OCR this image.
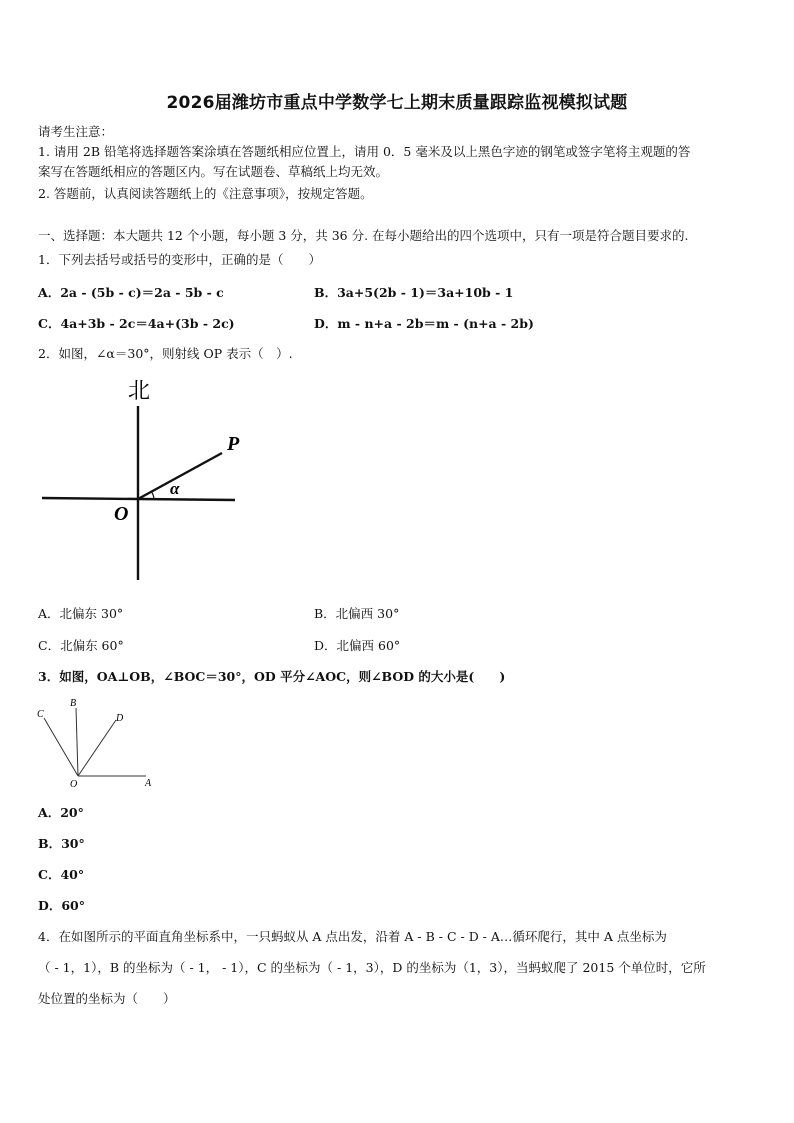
2026届潍坊市重点中学数学七上期末质量跟踪监视模拟试题
请考生注意：
1. 请用 2B 铅笔将选择题答案涂填在答题纸相应位置上，请用 0．5 毫米及以上黑色字迹的钢笔或签字笔将主观题的答
案写在答题纸相应的答题区内。写在试题卷、草稿纸上均无效。
2. 答题前，认真阅读答题纸上的《注意事项》，按规定答题。
一、选择题：本大题共 12 个小题，每小题 3 分，共 36 分. 在每小题给出的四个选项中，只有一项是符合题目要求的.
1．下列去括号或括号的变形中，正确的是（　　）
A．2a - (5b - c)＝2a - 5b - c	B．3a+5(2b - 1)＝3a+10b - 1
C．4a+3b - 2c＝4a+(3b - 2c)	D．m - n+a - 2b＝m - (n+a - 2b)
2．如图，∠α＝30°，则射线 OP 表示（　）.
北
P
α
O
A．北偏东 30°	B．北偏西 30°
C．北偏东 60°	D．北偏西 60°
3．如图，OA⊥OB，∠BOC＝30°，OD 平分∠AOC，则∠BOD 的大小是(　　)
C
B
D
O	A
A．20°
B．30°
C．40°
D．60°
4．在如图所示的平面直角坐标系中，一只蚂蚁从 A 点出发，沿着 A - B - C - D - A…循环爬行，其中 A 点坐标为
（ - 1，1），B 的坐标为（ - 1， - 1），C 的坐标为（ - 1，3），D 的坐标为（1，3），当蚂蚁爬了 2015 个单位时，它所
处位置的坐标为（　　）
